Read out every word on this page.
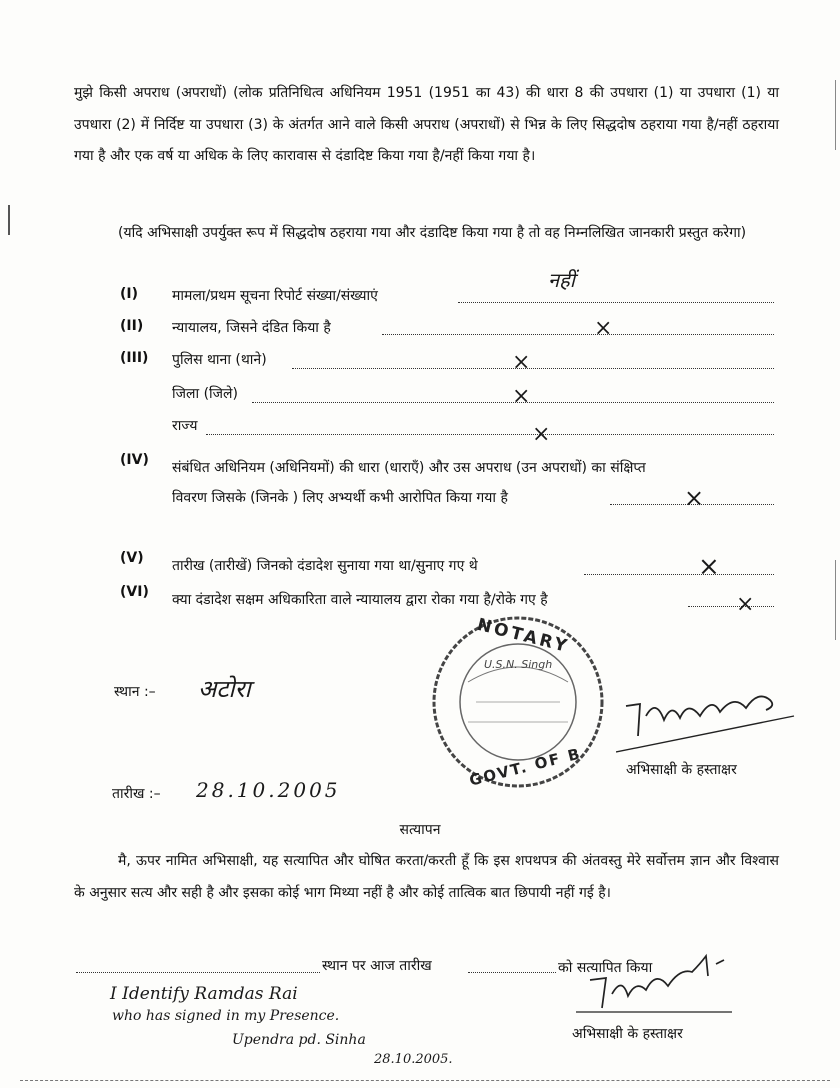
मुझे किसी अपराध (अपराधों) (लोक प्रतिनिधित्व अधिनियम 1951 (1951 का 43) की धारा 8 की उपधारा (1) या उपधारा (1) या उपधारा (2) में निर्दिष्ट या उपधारा (3) के अंतर्गत आने वाले किसी अपराध (अपराधों) से भिन्न के लिए सिद्धदोष ठहराया गया है/नहीं ठहराया गया है और एक वर्ष या अधिक के लिए कारावास से दंडादिष्ट किया गया है/नहीं किया गया है।
(यदि अभिसाक्षी उपर्युक्त रूप में सिद्धदोष ठहराया गया और दंडादिष्ट किया गया है तो वह निम्नलिखित जानकारी प्रस्तुत करेगा)
(I) मामला/प्रथम सूचना रिपोर्ट संख्या/संख्याएं
नहीं
(II) न्यायालय, जिसने दंडित किया है	×
(III) पुलिस थाना (थाने)	×
जिला (जिले)	×
राज्य	×
(IV) संबंधित अधिनियम (अधिनियमों) की धारा (धाराएँ) और उस अपराध (उन अपराधों) का संक्षिप्त
विवरण जिसके (जिनके ) लिए अभ्यर्थी कभी आरोपित किया गया है	×
(V) तारीख (तारीखें) जिनको दंडादेश सुनाया गया था/सुनाए गए थे	×
(VI) क्या दंडादेश सक्षम अधिकारिता वाले न्यायालय द्वारा रोका गया है/रोके गए है	×
NOTARY
U.S.N. Singh
GOVT. OF B
स्थान :– अटोरा
अभिसाक्षी के हस्ताक्षर
तारीख :– 28.10.2005
सत्यापन
मै, ऊपर नामित अभिसाक्षी, यह सत्यापित और घोषित करता/करती हूँ कि इस शपथपत्र की अंतवस्तु मेरे सर्वोत्तम ज्ञान और विश्वास के अनुसार सत्य और सही है और इसका कोई भाग मिथ्या नहीं है और कोई तात्विक बात छिपायी नहीं गई है।
स्थान पर आज तारीख	को सत्यापित किया
अभिसाक्षी के हस्ताक्षर
I Identify Ramdas Rai
who has signed in my Presence.
Upendra pd. Sinha
28.10.2005.
